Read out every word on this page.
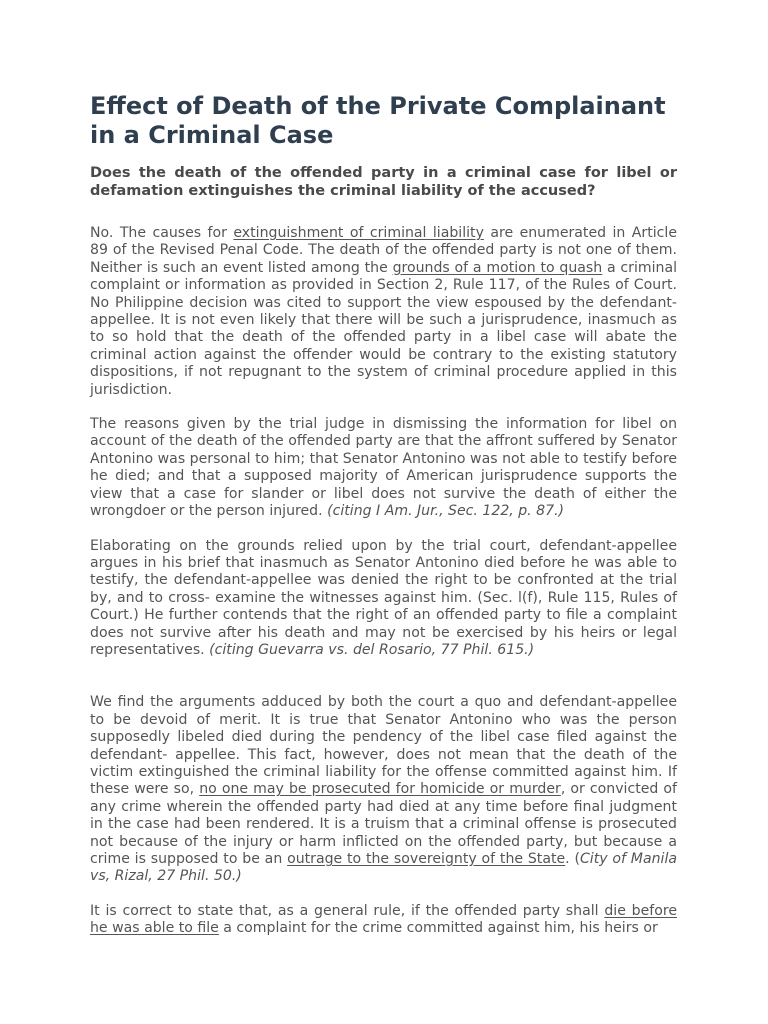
Effect of Death of the Private Complainant in a Criminal Case
Does the death of the offended party in a criminal case for libel or defamation extinguishes the criminal liability of the accused?

No. The causes for extinguishment of criminal liability are enumerated in Article 89 of the Revised Penal Code. The death of the offended party is not one of them. Neither is such an event listed among the grounds of a motion to quash a criminal complaint or information as provided in Section 2, Rule 117, of the Rules of Court. No Philippine decision was cited to support the view espoused by the defendant-appellee. It is not even likely that there will be such a jurisprudence, inasmuch as to so hold that the death of the offended party in a libel case will abate the criminal action against the offender would be contrary to the existing statutory dispositions, if not repugnant to the system of criminal procedure applied in this jurisdiction.

The reasons given by the trial judge in dismissing the information for libel on account of the death of the offended party are that the affront suffered by Senator Antonino was personal to him; that Senator Antonino was not able to testify before he died; and that a supposed majority of American jurisprudence supports the view that a case for slander or libel does not survive the death of either the wrongdoer or the person injured. (citing I Am. Jur., Sec. 122, p. 87.)

Elaborating on the grounds relied upon by the trial court, defendant-appellee argues in his brief that inasmuch as Senator Antonino died before he was able to testify, the defendant-appellee was denied the right to be confronted at the trial by, and to cross- examine the witnesses against him. (Sec. l(f), Rule 115, Rules of Court.) He further contends that the right of an offended party to file a complaint does not survive after his death and may not be exercised by his heirs or legal representatives. (citing Guevarra vs. del Rosario, 77 Phil. 615.)

We find the arguments adduced by both the court a quo and defendant-appellee to be devoid of merit. It is true that Senator Antonino who was the person supposedly libeled died during the pendency of the libel case filed against the defendant- appellee. This fact, however, does not mean that the death of the victim extinguished the criminal liability for the offense committed against him. If these were so, no one may be prosecuted for homicide or murder, or convicted of any crime wherein the offended party had died at any time before final judgment in the case had been rendered. It is a truism that a criminal offense is prosecuted not because of the injury or harm inflicted on the offended party, but because a crime is supposed to be an outrage to the sovereignty of the State. (City of Manila vs, Rizal, 27 Phil. 50.)

It is correct to state that, as a general rule, if the offended party shall die before he was able to file a complaint for the crime committed against him, his heirs or
